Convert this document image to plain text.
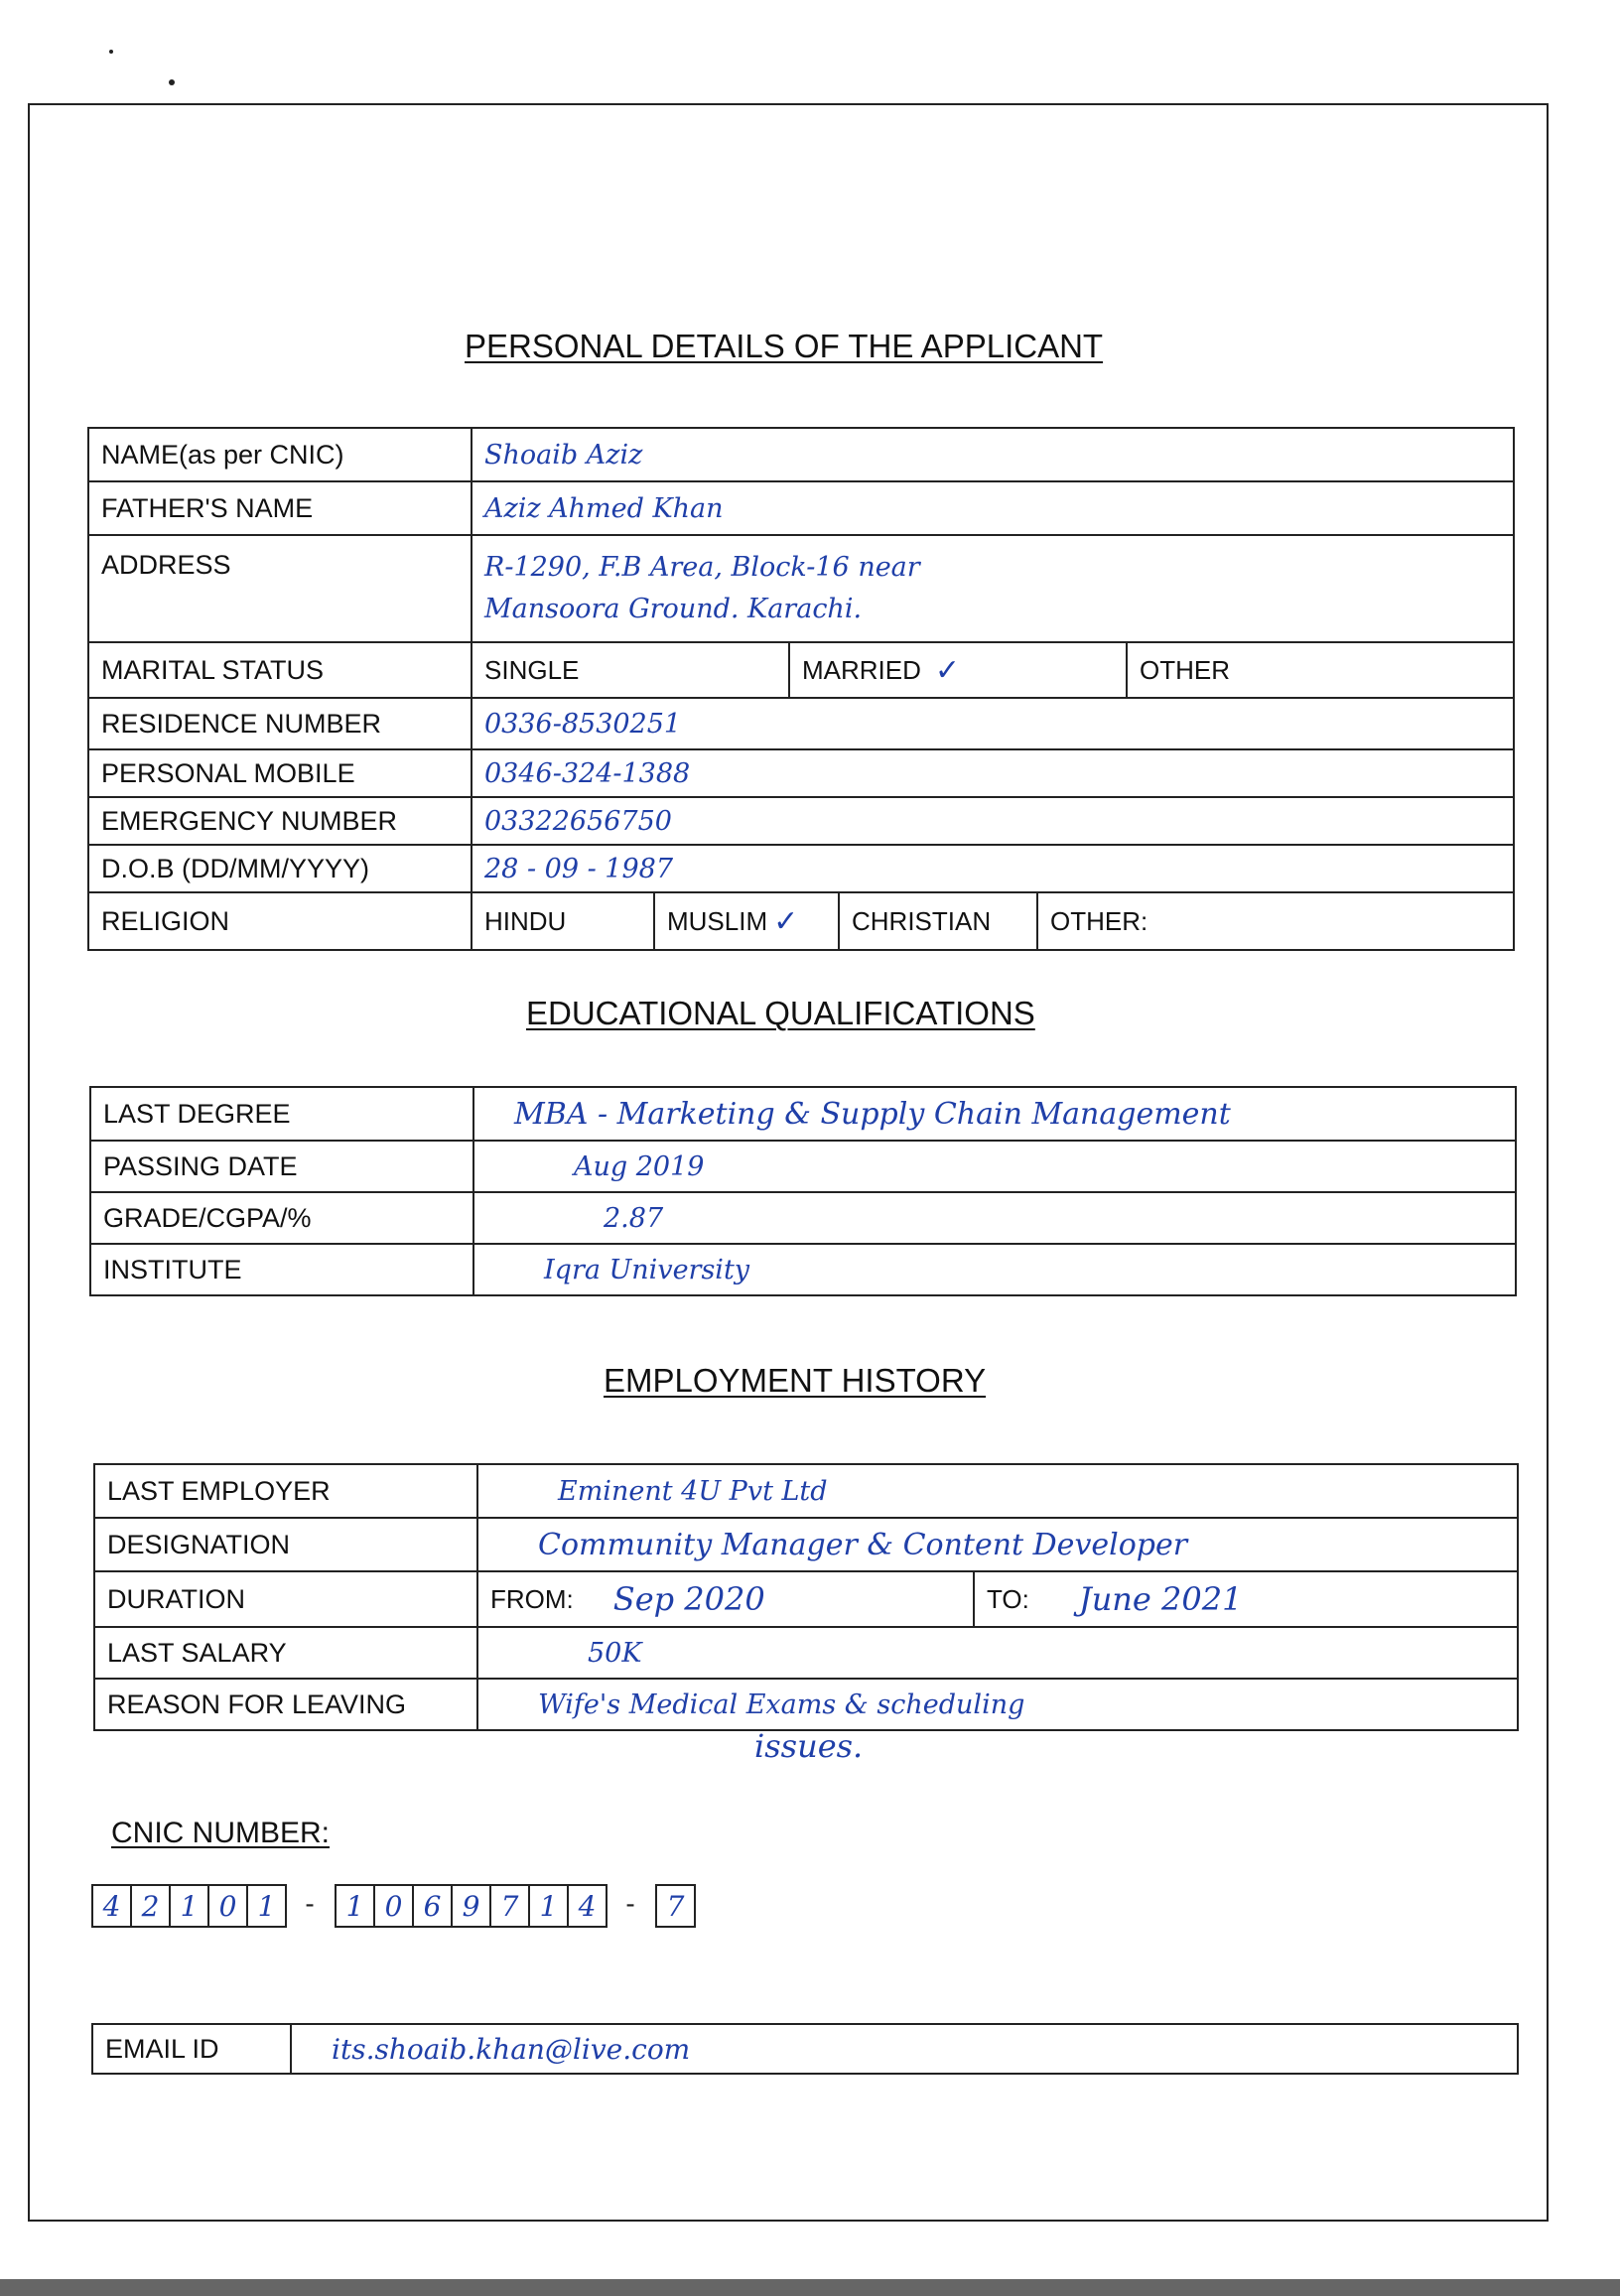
PERSONAL DETAILS OF THE APPLICANT
NAME(as per CNIC)	Shoaib Aziz
FATHER'S NAME	Aziz Ahmed Khan
ADDRESS	R-1290, F.B Area, Block-16 near
Mansoora Ground. Karachi.

MARITAL STATUS	SINGLE MARRIED ✓ OTHER

RESIDENCE NUMBER	0336-8530251
PERSONAL MOBILE	0346-324-1388
EMERGENCY NUMBER	03322656750
D.O.B (DD/MM/YYYY)	28 - 09 - 1987
RELIGION	HINDU MUSLIM ✓ CHRISTIAN OTHER:
EDUCATIONAL QUALIFICATIONS
LAST DEGREE	MBA - Marketing & Supply Chain Management
PASSING DATE	Aug 2019
GRADE/CGPA/%	2.87
INSTITUTE	Iqra University
EMPLOYMENT HISTORY
LAST EMPLOYER	Eminent 4U Pvt Ltd
DESIGNATION	Community Manager & Content Developer
DURATION	FROM: Sep 2020 TO: June 2021

LAST SALARY	50K
REASON FOR LEAVING	Wife's Medical Exams & scheduling
issues.
CNIC NUMBER:
4 2 1 0 1	-	1 0 6 9 7 1 4	-	7
EMAIL ID	its.shoaib.khan@live.com
